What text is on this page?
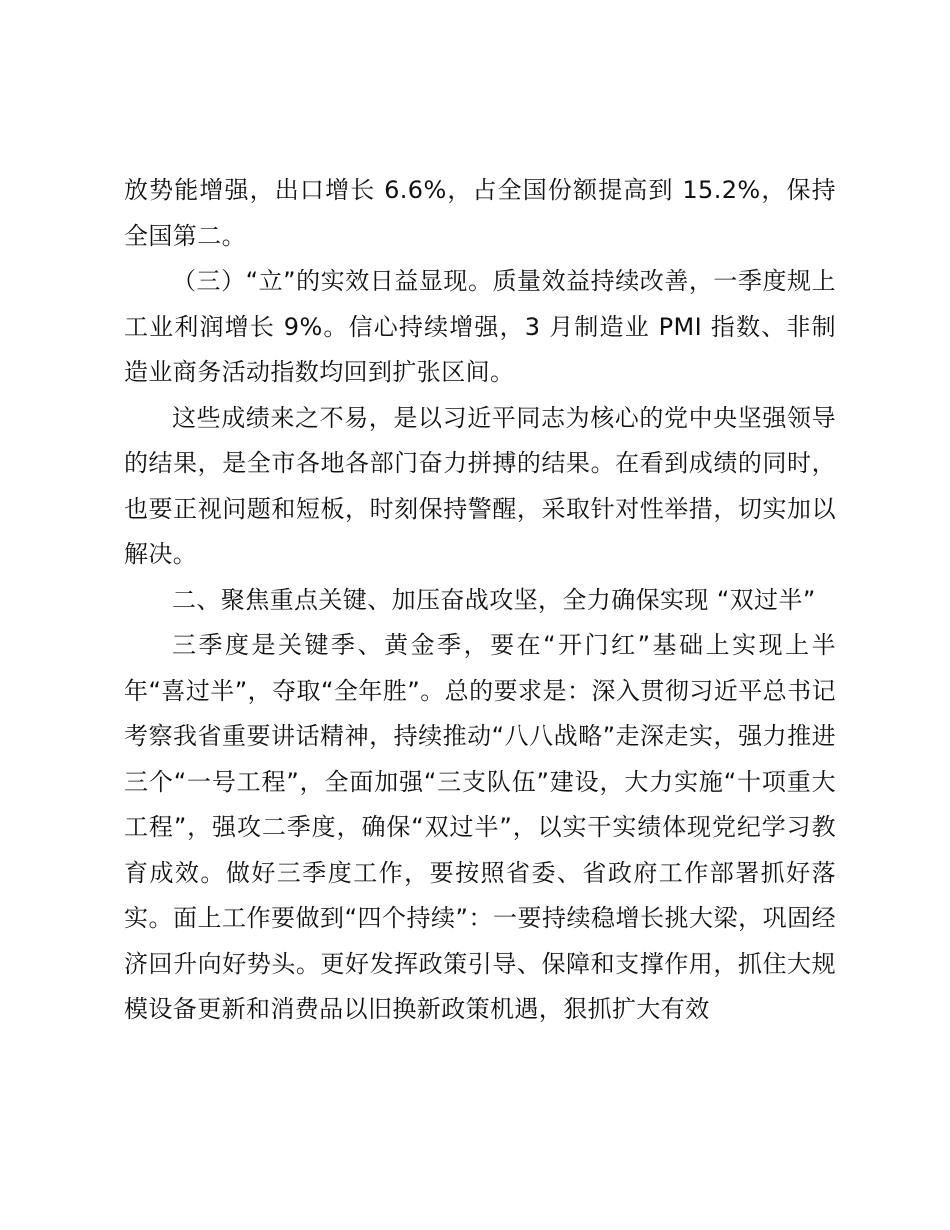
放势能增强，出口增长 6.6%，占全国份额提高到 15.2%，保持全国第二。

（三）“立”的实效日益显现。质量效益持续改善，一季度规上工业利润增长 9%。信心持续增强，3 月制造业 PMI 指数、非制造业商务活动指数均回到扩张区间。

这些成绩来之不易，是以习近平同志为核心的党中央坚强领导的结果，是全市各地各部门奋力拼搏的结果。在看到成绩的同时，也要正视问题和短板，时刻保持警醒，采取针对性举措，切实加以解决。

二、聚焦重点关键、加压奋战攻坚，全力确保实现 “双过半”

三季度是关键季、黄金季，要在“开门红”基础上实现上半年“喜过半”，夺取“全年胜”。总的要求是：深入贯彻习近平总书记考察我省重要讲话精神，持续推动“八八战略”走深走实，强力推进三个“一号工程”，全面加强“三支队伍”建设，大力实施“十项重大工程”，强攻二季度，确保“双过半”，以实干实绩体现党纪学习教育成效。做好三季度工作，要按照省委、省政府工作部署抓好落实。面上工作要做到“四个持续”：一要持续稳增长挑大梁，巩固经济回升向好势头。更好发挥政策引导、保障和支撑作用，抓住大规模设备更新和消费品以旧换新政策机遇，狠抓扩大有效
